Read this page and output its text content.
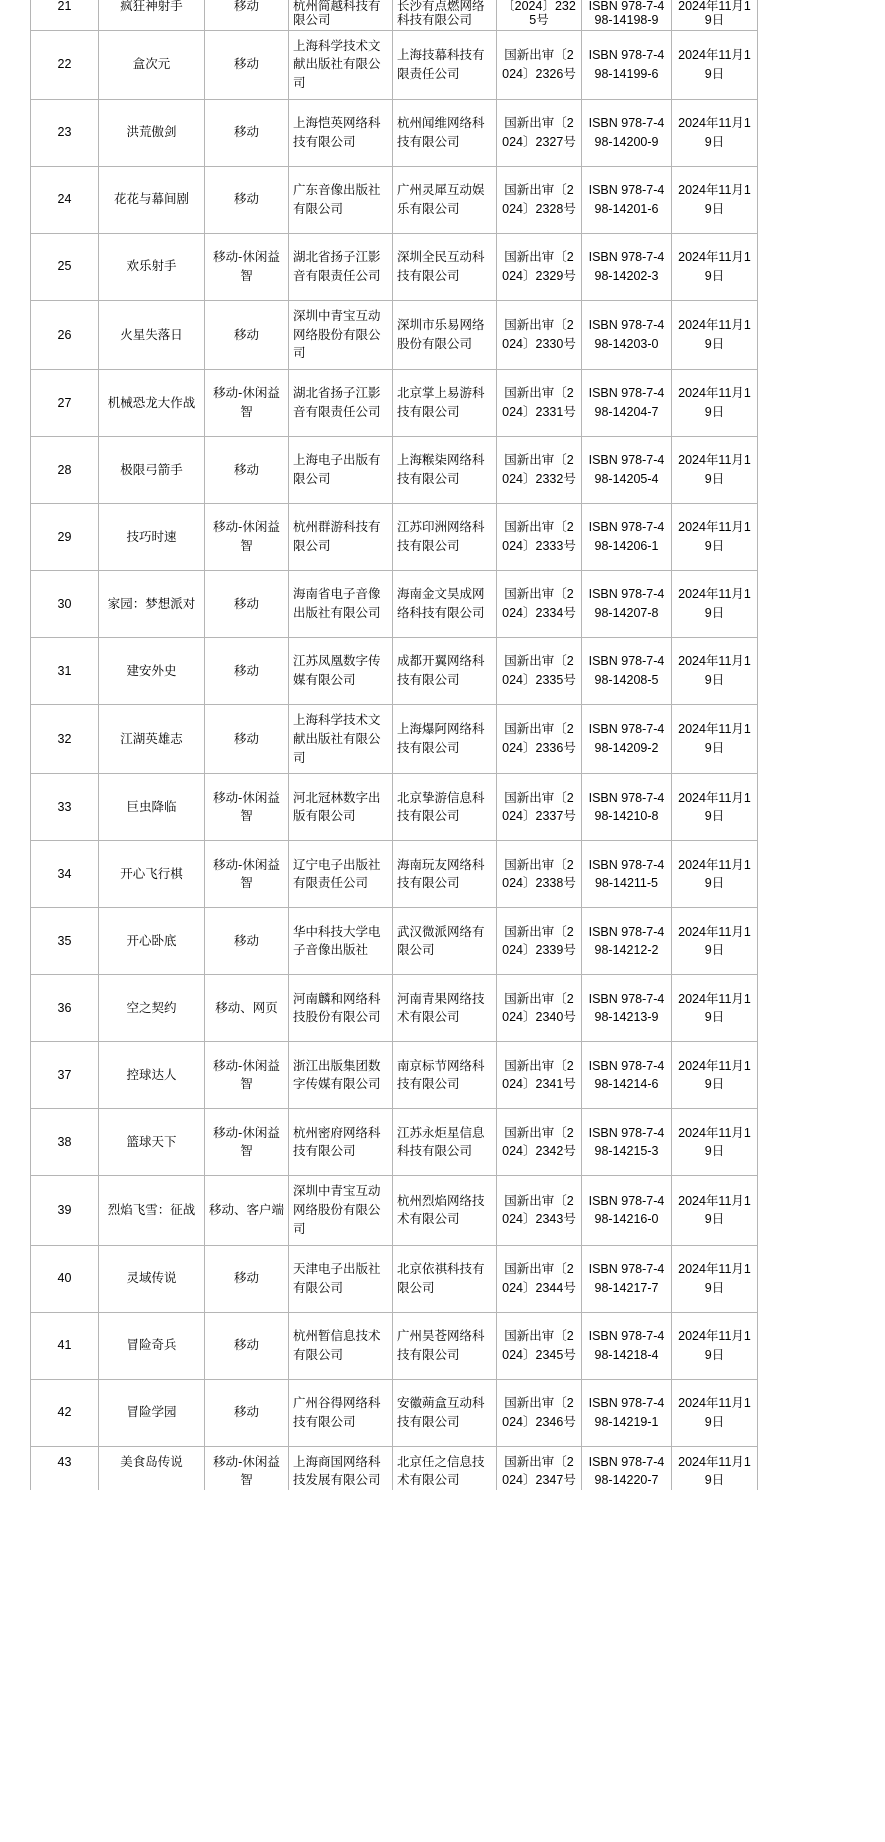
21	疯狂神射手	移动	杭州简越科技有限公司	长沙有点燃网络科技有限公司	〔2024〕2325号	ISBN 978-7-498-14198-9	2024年11月19日
22	盒次元	移动	上海科学技术文献出版社有限公司	上海技幕科技有限责任公司	国新出审〔2024〕2326号	ISBN 978-7-498-14199-6	2024年11月19日
23	洪荒傲剑	移动	上海恺英网络科技有限公司	杭州闻维网络科技有限公司	国新出审〔2024〕2327号	ISBN 978-7-498-14200-9	2024年11月19日
24	花花与幕间剧	移动	广东音像出版社有限公司	广州灵犀互动娱乐有限公司	国新出审〔2024〕2328号	ISBN 978-7-498-14201-6	2024年11月19日
25	欢乐射手	移动-休闲益智	湖北省扬子江影音有限责任公司	深圳全民互动科技有限公司	国新出审〔2024〕2329号	ISBN 978-7-498-14202-3	2024年11月19日
26	火星失落日	移动	深圳中青宝互动网络股份有限公司	深圳市乐易网络股份有限公司	国新出审〔2024〕2330号	ISBN 978-7-498-14203-0	2024年11月19日
27	机械恐龙大作战	移动-休闲益智	湖北省扬子江影音有限责任公司	北京掌上易游科技有限公司	国新出审〔2024〕2331号	ISBN 978-7-498-14204-7	2024年11月19日
28	极限弓箭手	移动	上海电子出版有限公司	上海糇柒网络科技有限公司	国新出审〔2024〕2332号	ISBN 978-7-498-14205-4	2024年11月19日
29	技巧时速	移动-休闲益智	杭州群游科技有限公司	江苏印洲网络科技有限公司	国新出审〔2024〕2333号	ISBN 978-7-498-14206-1	2024年11月19日
30	家园：梦想派对	移动	海南省电子音像出版社有限公司	海南金文昊成网络科技有限公司	国新出审〔2024〕2334号	ISBN 978-7-498-14207-8	2024年11月19日
31	建安外史	移动	江苏凤凰数字传媒有限公司	成都开翼网络科技有限公司	国新出审〔2024〕2335号	ISBN 978-7-498-14208-5	2024年11月19日
32	江湖英雄志	移动	上海科学技术文献出版社有限公司	上海爆阿网络科技有限公司	国新出审〔2024〕2336号	ISBN 978-7-498-14209-2	2024年11月19日
33	巨虫降临	移动-休闲益智	河北冠林数字出版有限公司	北京挚游信息科技有限公司	国新出审〔2024〕2337号	ISBN 978-7-498-14210-8	2024年11月19日
34	开心飞行棋	移动-休闲益智	辽宁电子出版社有限责任公司	海南玩友网络科技有限公司	国新出审〔2024〕2338号	ISBN 978-7-498-14211-5	2024年11月19日
35	开心卧底	移动	华中科技大学电子音像出版社	武汉微派网络有限公司	国新出审〔2024〕2339号	ISBN 978-7-498-14212-2	2024年11月19日
36	空之契约	移动、网页	河南麟和网络科技股份有限公司	河南青果网络技术有限公司	国新出审〔2024〕2340号	ISBN 978-7-498-14213-9	2024年11月19日
37	控球达人	移动-休闲益智	浙江出版集团数字传媒有限公司	南京标节网络科技有限公司	国新出审〔2024〕2341号	ISBN 978-7-498-14214-6	2024年11月19日
38	篮球天下	移动-休闲益智	杭州密府网络科技有限公司	江苏永炬星信息科技有限公司	国新出审〔2024〕2342号	ISBN 978-7-498-14215-3	2024年11月19日
39	烈焰飞雪：征战	移动、客户端	深圳中青宝互动网络股份有限公司	杭州烈焰网络技术有限公司	国新出审〔2024〕2343号	ISBN 978-7-498-14216-0	2024年11月19日
40	灵域传说	移动	天津电子出版社有限公司	北京依祺科技有限公司	国新出审〔2024〕2344号	ISBN 978-7-498-14217-7	2024年11月19日
41	冒险奇兵	移动	杭州暂信息技术有限公司	广州昊苍网络科技有限公司	国新出审〔2024〕2345号	ISBN 978-7-498-14218-4	2024年11月19日
42	冒险学园	移动	广州谷得网络科技有限公司	安徽蒴盒互动科技有限公司	国新出审〔2024〕2346号	ISBN 978-7-498-14219-1	2024年11月19日
43	美食岛传说	移动-休闲益智	上海商国网络科技发展有限公司	北京任之信息技术有限公司	国新出审〔2024〕2347号	ISBN 978-7-498-14220-7	2024年11月19日
